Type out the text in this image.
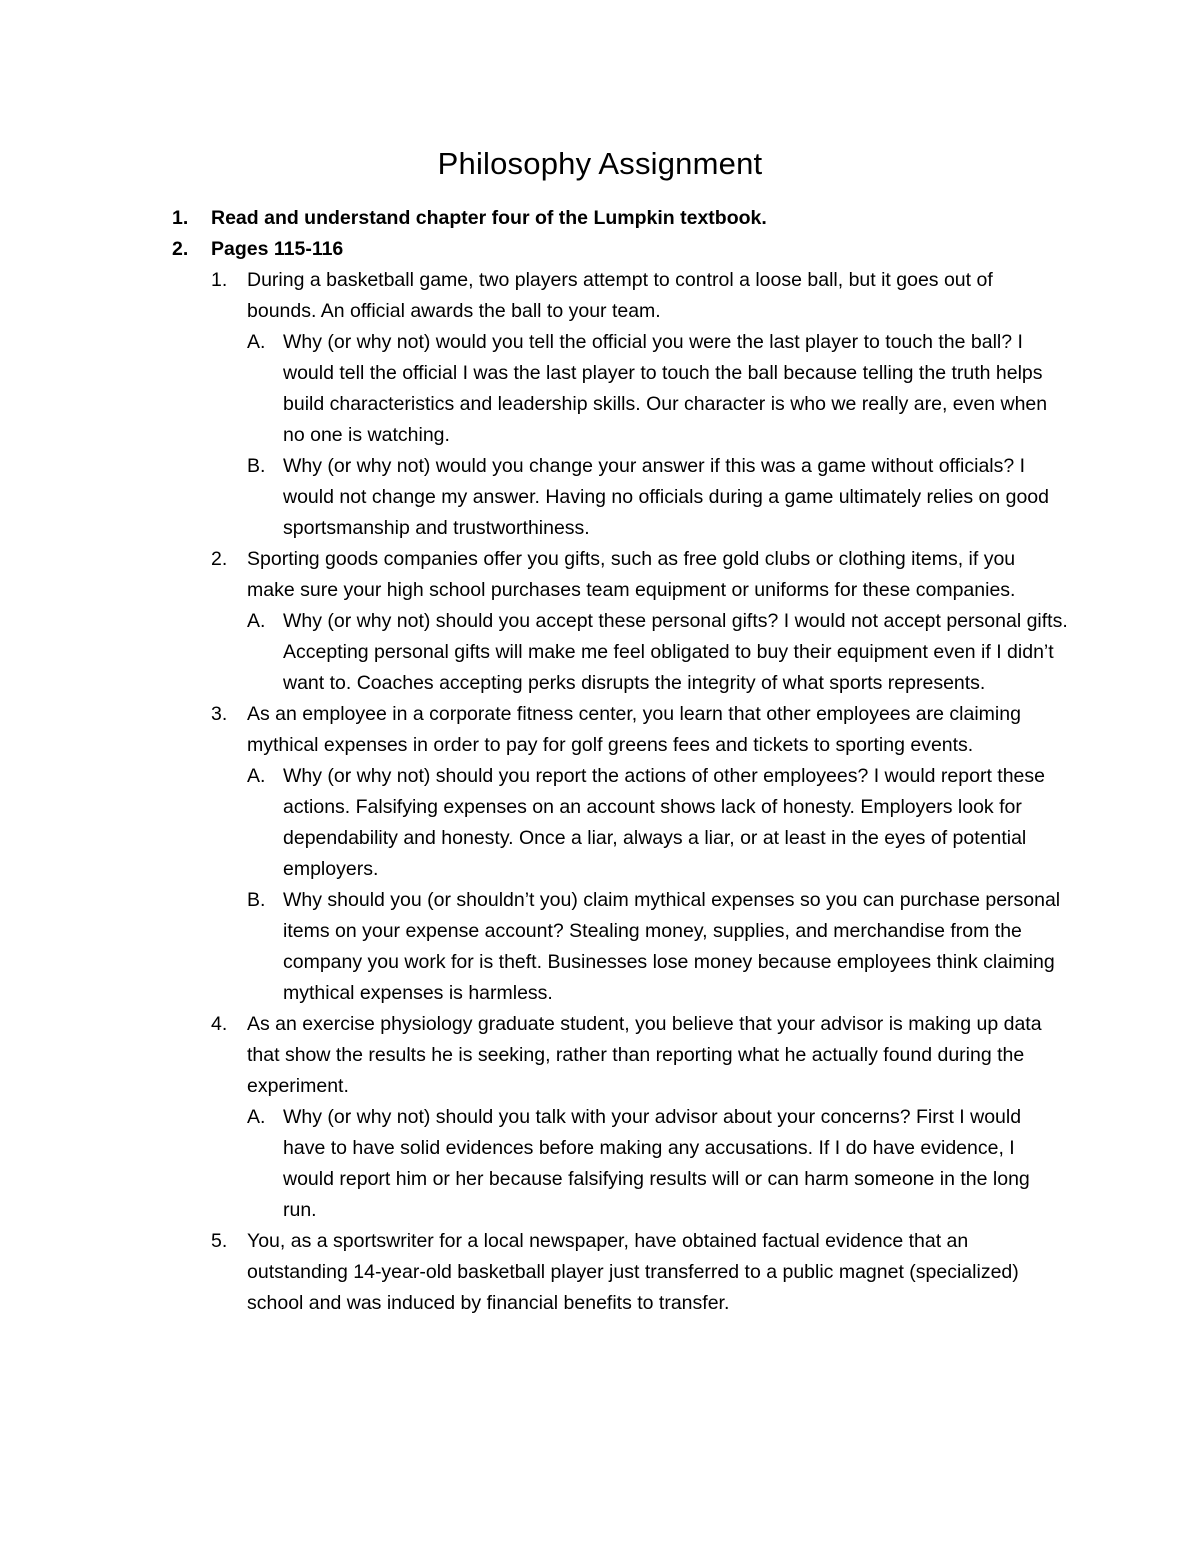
Philosophy Assignment
1. Read and understand chapter four of the Lumpkin textbook.
2. Pages 115-116
1. During a basketball game, two players attempt to control a loose ball, but it goes out of bounds. An official awards the ball to your team.
A. Why (or why not) would you tell the official you were the last player to touch the ball? I would tell the official I was the last player to touch the ball because telling the truth helps build characteristics and leadership skills. Our character is who we really are, even when no one is watching.
B. Why (or why not) would you change your answer if this was a game without officials? I would not change my answer. Having no officials during a game ultimately relies on good sportsmanship and trustworthiness.
2. Sporting goods companies offer you gifts, such as free gold clubs or clothing items, if you make sure your high school purchases team equipment or uniforms for these companies.
A. Why (or why not) should you accept these personal gifts? I would not accept personal gifts. Accepting personal gifts will make me feel obligated to buy their equipment even if I didn’t want to. Coaches accepting perks disrupts the integrity of what sports represents.
3. As an employee in a corporate fitness center, you learn that other employees are claiming mythical expenses in order to pay for golf greens fees and tickets to sporting events.
A. Why (or why not) should you report the actions of other employees? I would report these actions. Falsifying expenses on an account shows lack of honesty. Employers look for dependability and honesty. Once a liar, always a liar, or at least in the eyes of potential employers.
B. Why should you (or shouldn’t you) claim mythical expenses so you can purchase personal items on your expense account? Stealing money, supplies, and merchandise from the company you work for is theft. Businesses lose money because employees think claiming mythical expenses is harmless.
4. As an exercise physiology graduate student, you believe that your advisor is making up data that show the results he is seeking, rather than reporting what he actually found during the experiment.
A. Why (or why not) should you talk with your advisor about your concerns? First I would have to have solid evidences before making any accusations. If I do have evidence, I would report him or her because falsifying results will or can harm someone in the long run.
5. You, as a sportswriter for a local newspaper, have obtained factual evidence that an outstanding 14-year-old basketball player just transferred to a public magnet (specialized) school and was induced by financial benefits to transfer.
